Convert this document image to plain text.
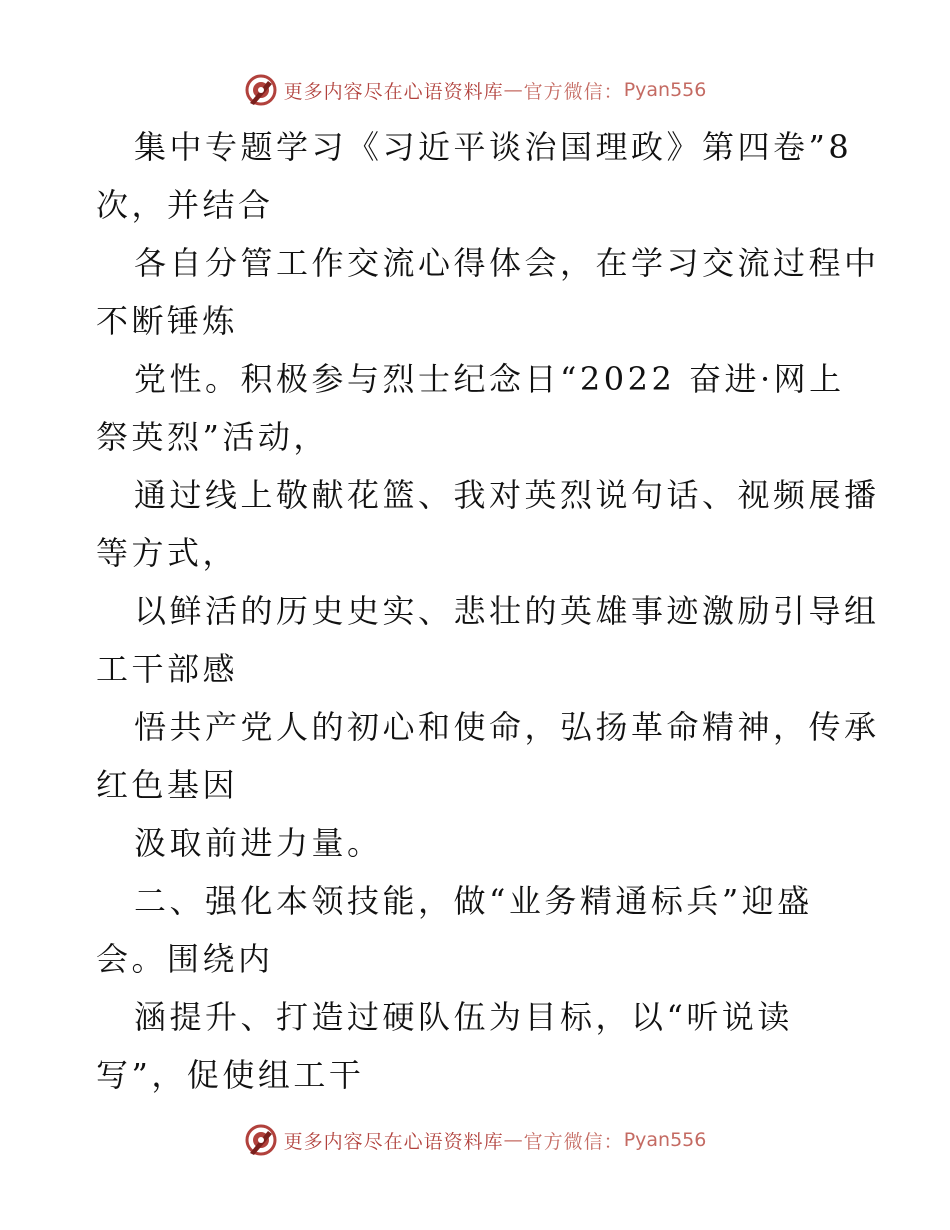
更多内容尽在心语资料库 — 官方微信： Pyan556
集中专题学习《习近平谈治国理政》第四卷”8
次，并结合
各自分管工作交流心得体会，在学习交流过程中
不断锤炼
党性。积极参与烈士纪念日“2022 奋进·网上
祭英烈”活动，
通过线上敬献花篮、我对英烈说句话、视频展播
等方式，
以鲜活的历史史实、悲壮的英雄事迹激励引导组
工干部感
悟共产党人的初心和使命，弘扬革命精神，传承
红色基因
汲取前进力量。
二、强化本领技能，做“业务精通标兵”迎盛
会。围绕内
涵提升、打造过硬队伍为目标，以“听说读
写”，促使组工干
更多内容尽在心语资料库 — 官方微信： Pyan556
